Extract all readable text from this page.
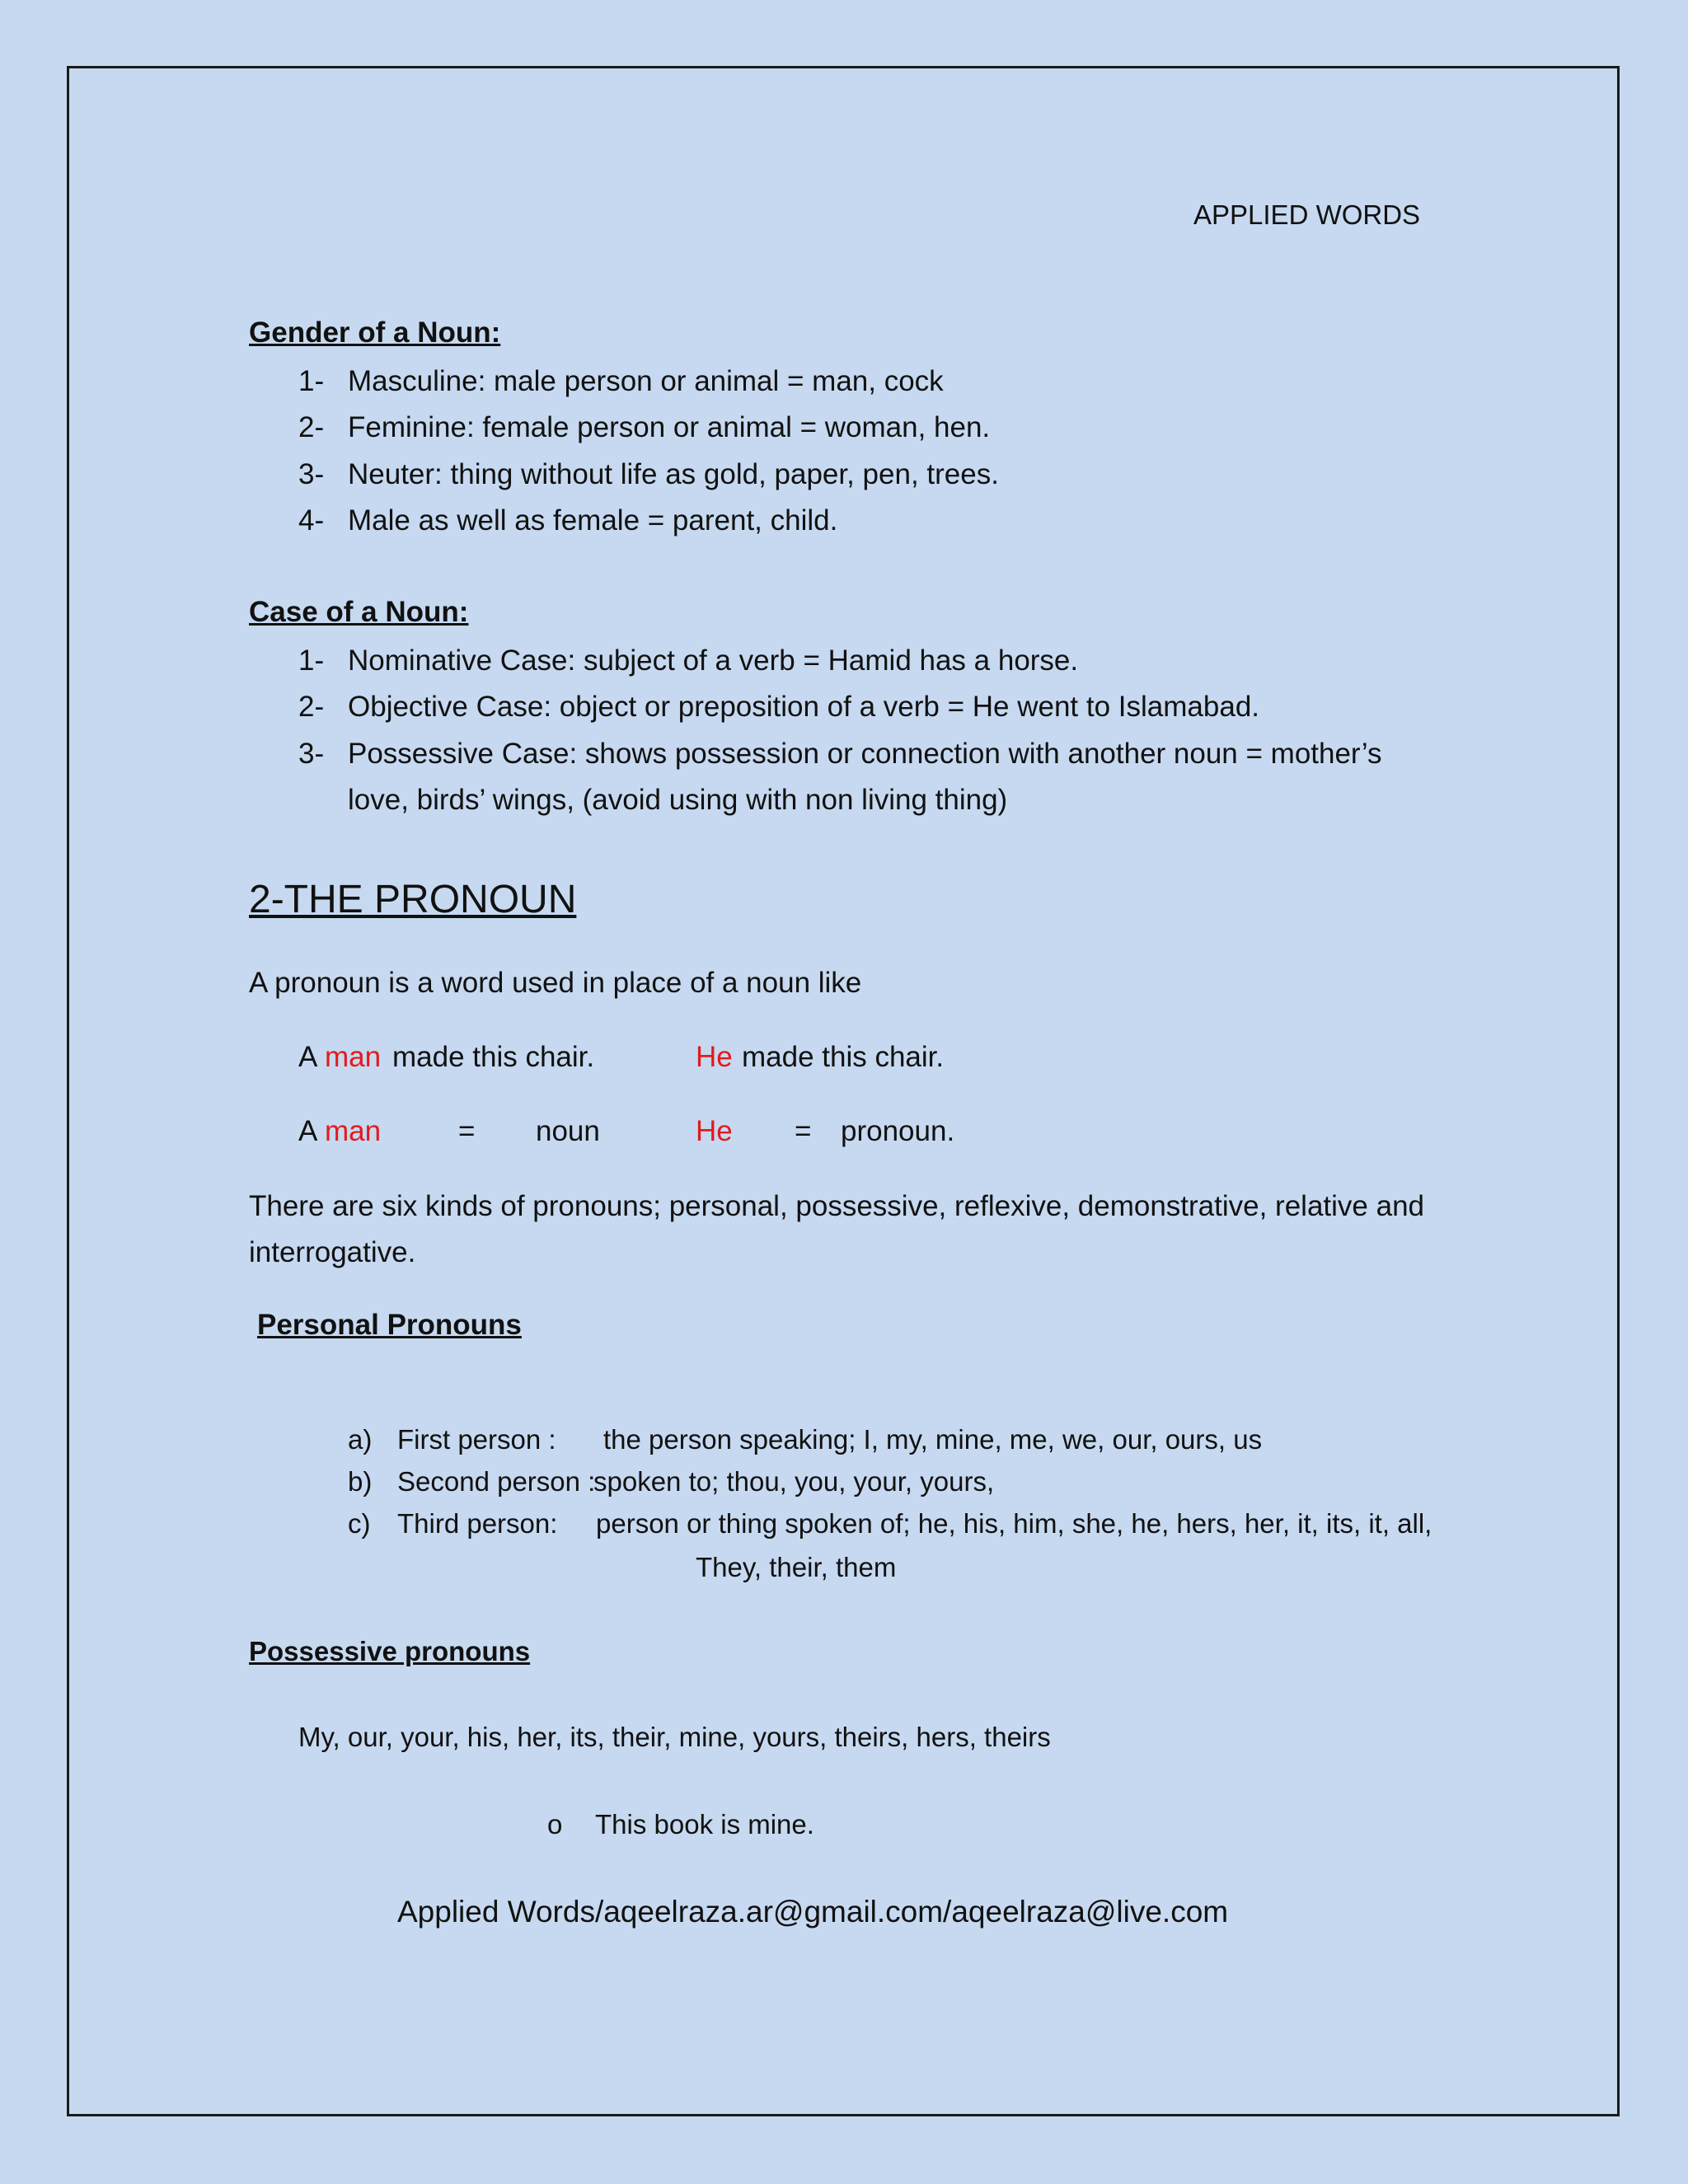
APPLIED WORDS
Gender of a Noun:
1- Masculine: male person or animal = man, cock
2- Feminine: female person or animal = woman, hen.
3- Neuter: thing without life as gold, paper, pen, trees.
4- Male as well as female = parent, child.
Case of a Noun:
1- Nominative Case: subject of a verb = Hamid has a horse.
2- Objective Case: object or preposition of a verb = He went to Islamabad.
3- Possessive Case: shows possession or connection with another noun = mother’s
love, birds’ wings, (avoid using with non living thing)
2-THE PRONOUN
A pronoun is a word used in place of a noun like
A man made this chair.	He made this chair.
A man	= noun	He = pronoun.
There are six kinds of pronouns; personal, possessive, reflexive, demonstrative, relative and
interrogative.
Personal Pronouns
a) First person : the person speaking; I, my, mine, me, we, our, ours, us
b) Second person :
spoken to; thou, you, your, yours,
c) Third person: person or thing spoken of; he, his, him, she, he, hers, her, it, its, it, all,
They, their, them
Possessive pronouns
My, our, your, his, her, its, their, mine, yours, theirs, hers, theirs
o This book is mine.
Applied Words/aqeelraza.ar@gmail.com/aqeelraza@live.com
